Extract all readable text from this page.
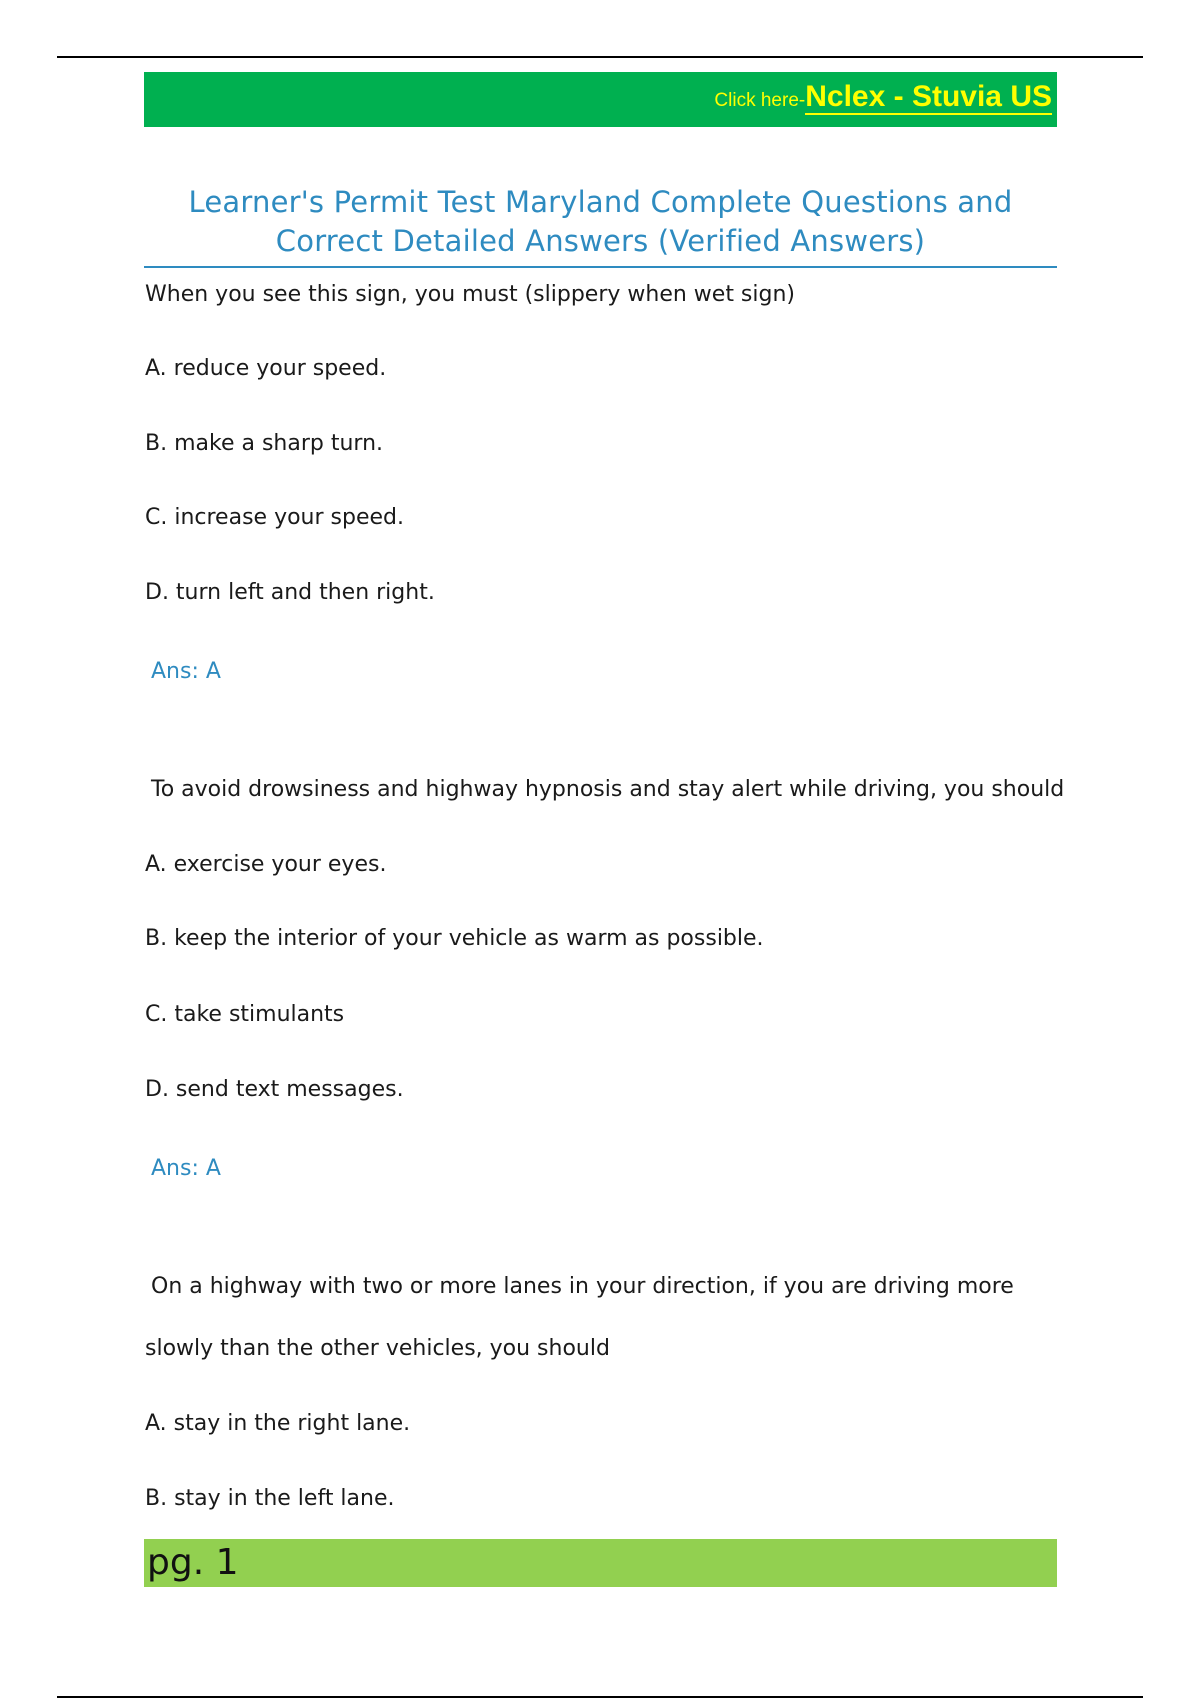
Click here-Nclex - Stuvia US
Learner's Permit Test Maryland Complete Questions and
Correct Detailed Answers (Verified Answers)
When you see this sign, you must (slippery when wet sign)
A. reduce your speed.
B. make a sharp turn.
C. increase your speed.
D. turn left and then right.
Ans: A
To avoid drowsiness and highway hypnosis and stay alert while driving, you should
A. exercise your eyes.
B. keep the interior of your vehicle as warm as possible.
C. take stimulants
D. send text messages.
Ans: A
On a highway with two or more lanes in your direction, if you are driving more
slowly than the other vehicles, you should
A. stay in the right lane.
B. stay in the left lane.
pg. 1
